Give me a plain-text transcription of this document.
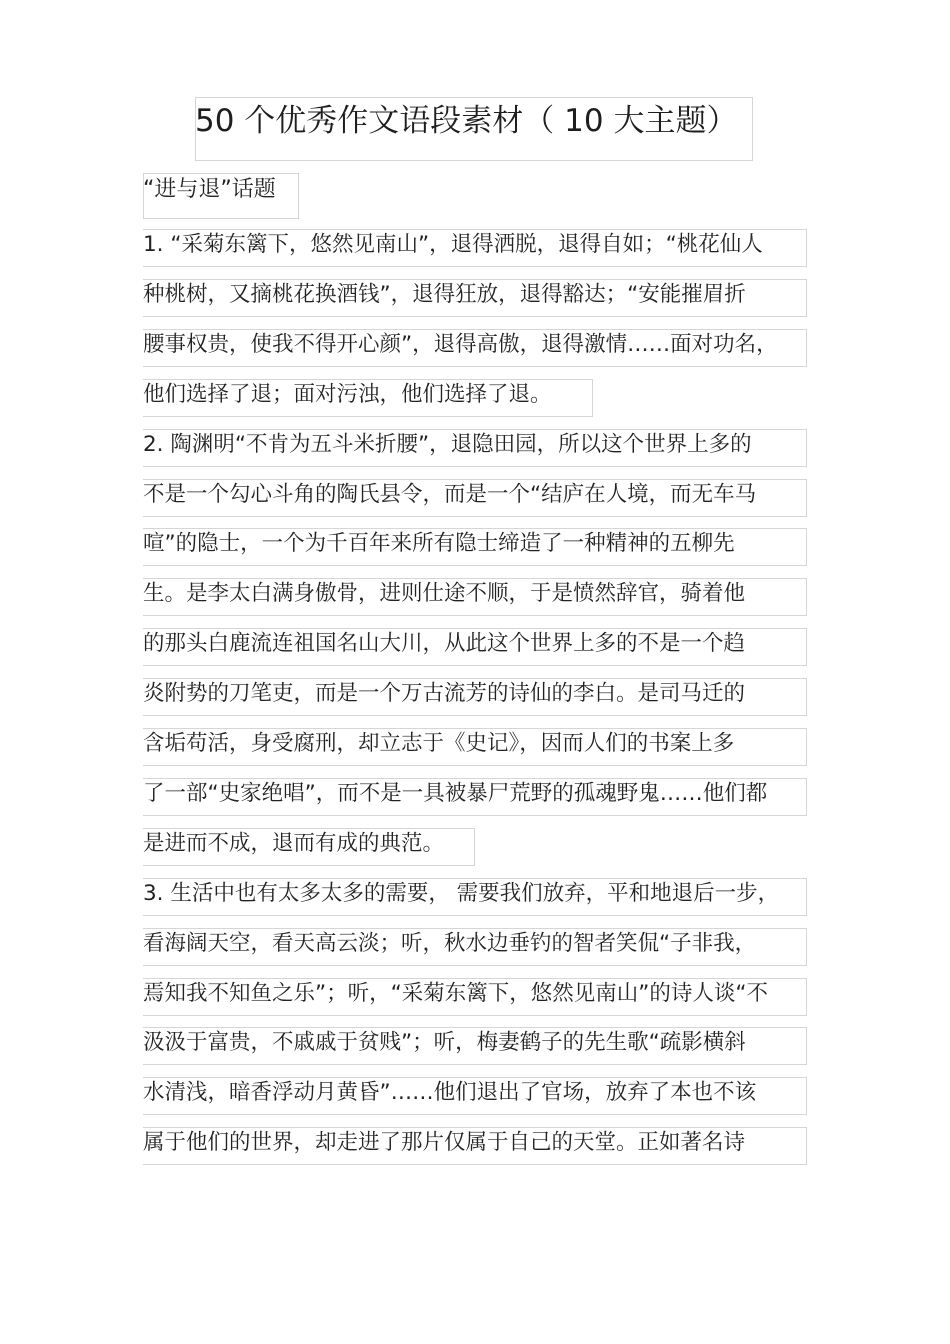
50 个优秀作文语段素材（ 10 大主题）
“进与退”话题
1. “采菊东篱下，悠然见南山”，退得洒脱，退得自如；“桃花仙人
种桃树，又摘桃花换酒钱”，退得狂放，退得豁达；“安能摧眉折
腰事权贵，使我不得开心颜”，退得高傲，退得激情……面对功名，
他们选择了退；面对污浊，他们选择了退。
2. 陶渊明“不肯为五斗米折腰”，退隐田园，所以这个世界上多的
不是一个勾心斗角的陶氏县令，而是一个“结庐在人境，而无车马
喧”的隐士，一个为千百年来所有隐士缔造了一种精神的五柳先
生。是李太白满身傲骨，进则仕途不顺，于是愤然辞官，骑着他
的那头白鹿流连祖国名山大川，从此这个世界上多的不是一个趋
炎附势的刀笔吏，而是一个万古流芳的诗仙的李白。是司马迁的
含垢苟活，身受腐刑，却立志于《史记》，因而人们的书案上多
了一部“史家绝唱”，而不是一具被暴尸荒野的孤魂野鬼……他们都
是进而不成，退而有成的典范。
3. 生活中也有太多太多的需要， 需要我们放弃，平和地退后一步，
看海阔天空，看天高云淡；听，秋水边垂钓的智者笑侃“子非我，
焉知我不知鱼之乐”；听，“采菊东篱下，悠然见南山”的诗人谈“不
汲汲于富贵，不戚戚于贫贱”；听，梅妻鹤子的先生歌“疏影横斜
水清浅，暗香浮动月黄昏”……他们退出了官场，放弃了本也不该
属于他们的世界，却走进了那片仅属于自己的天堂。正如著名诗
